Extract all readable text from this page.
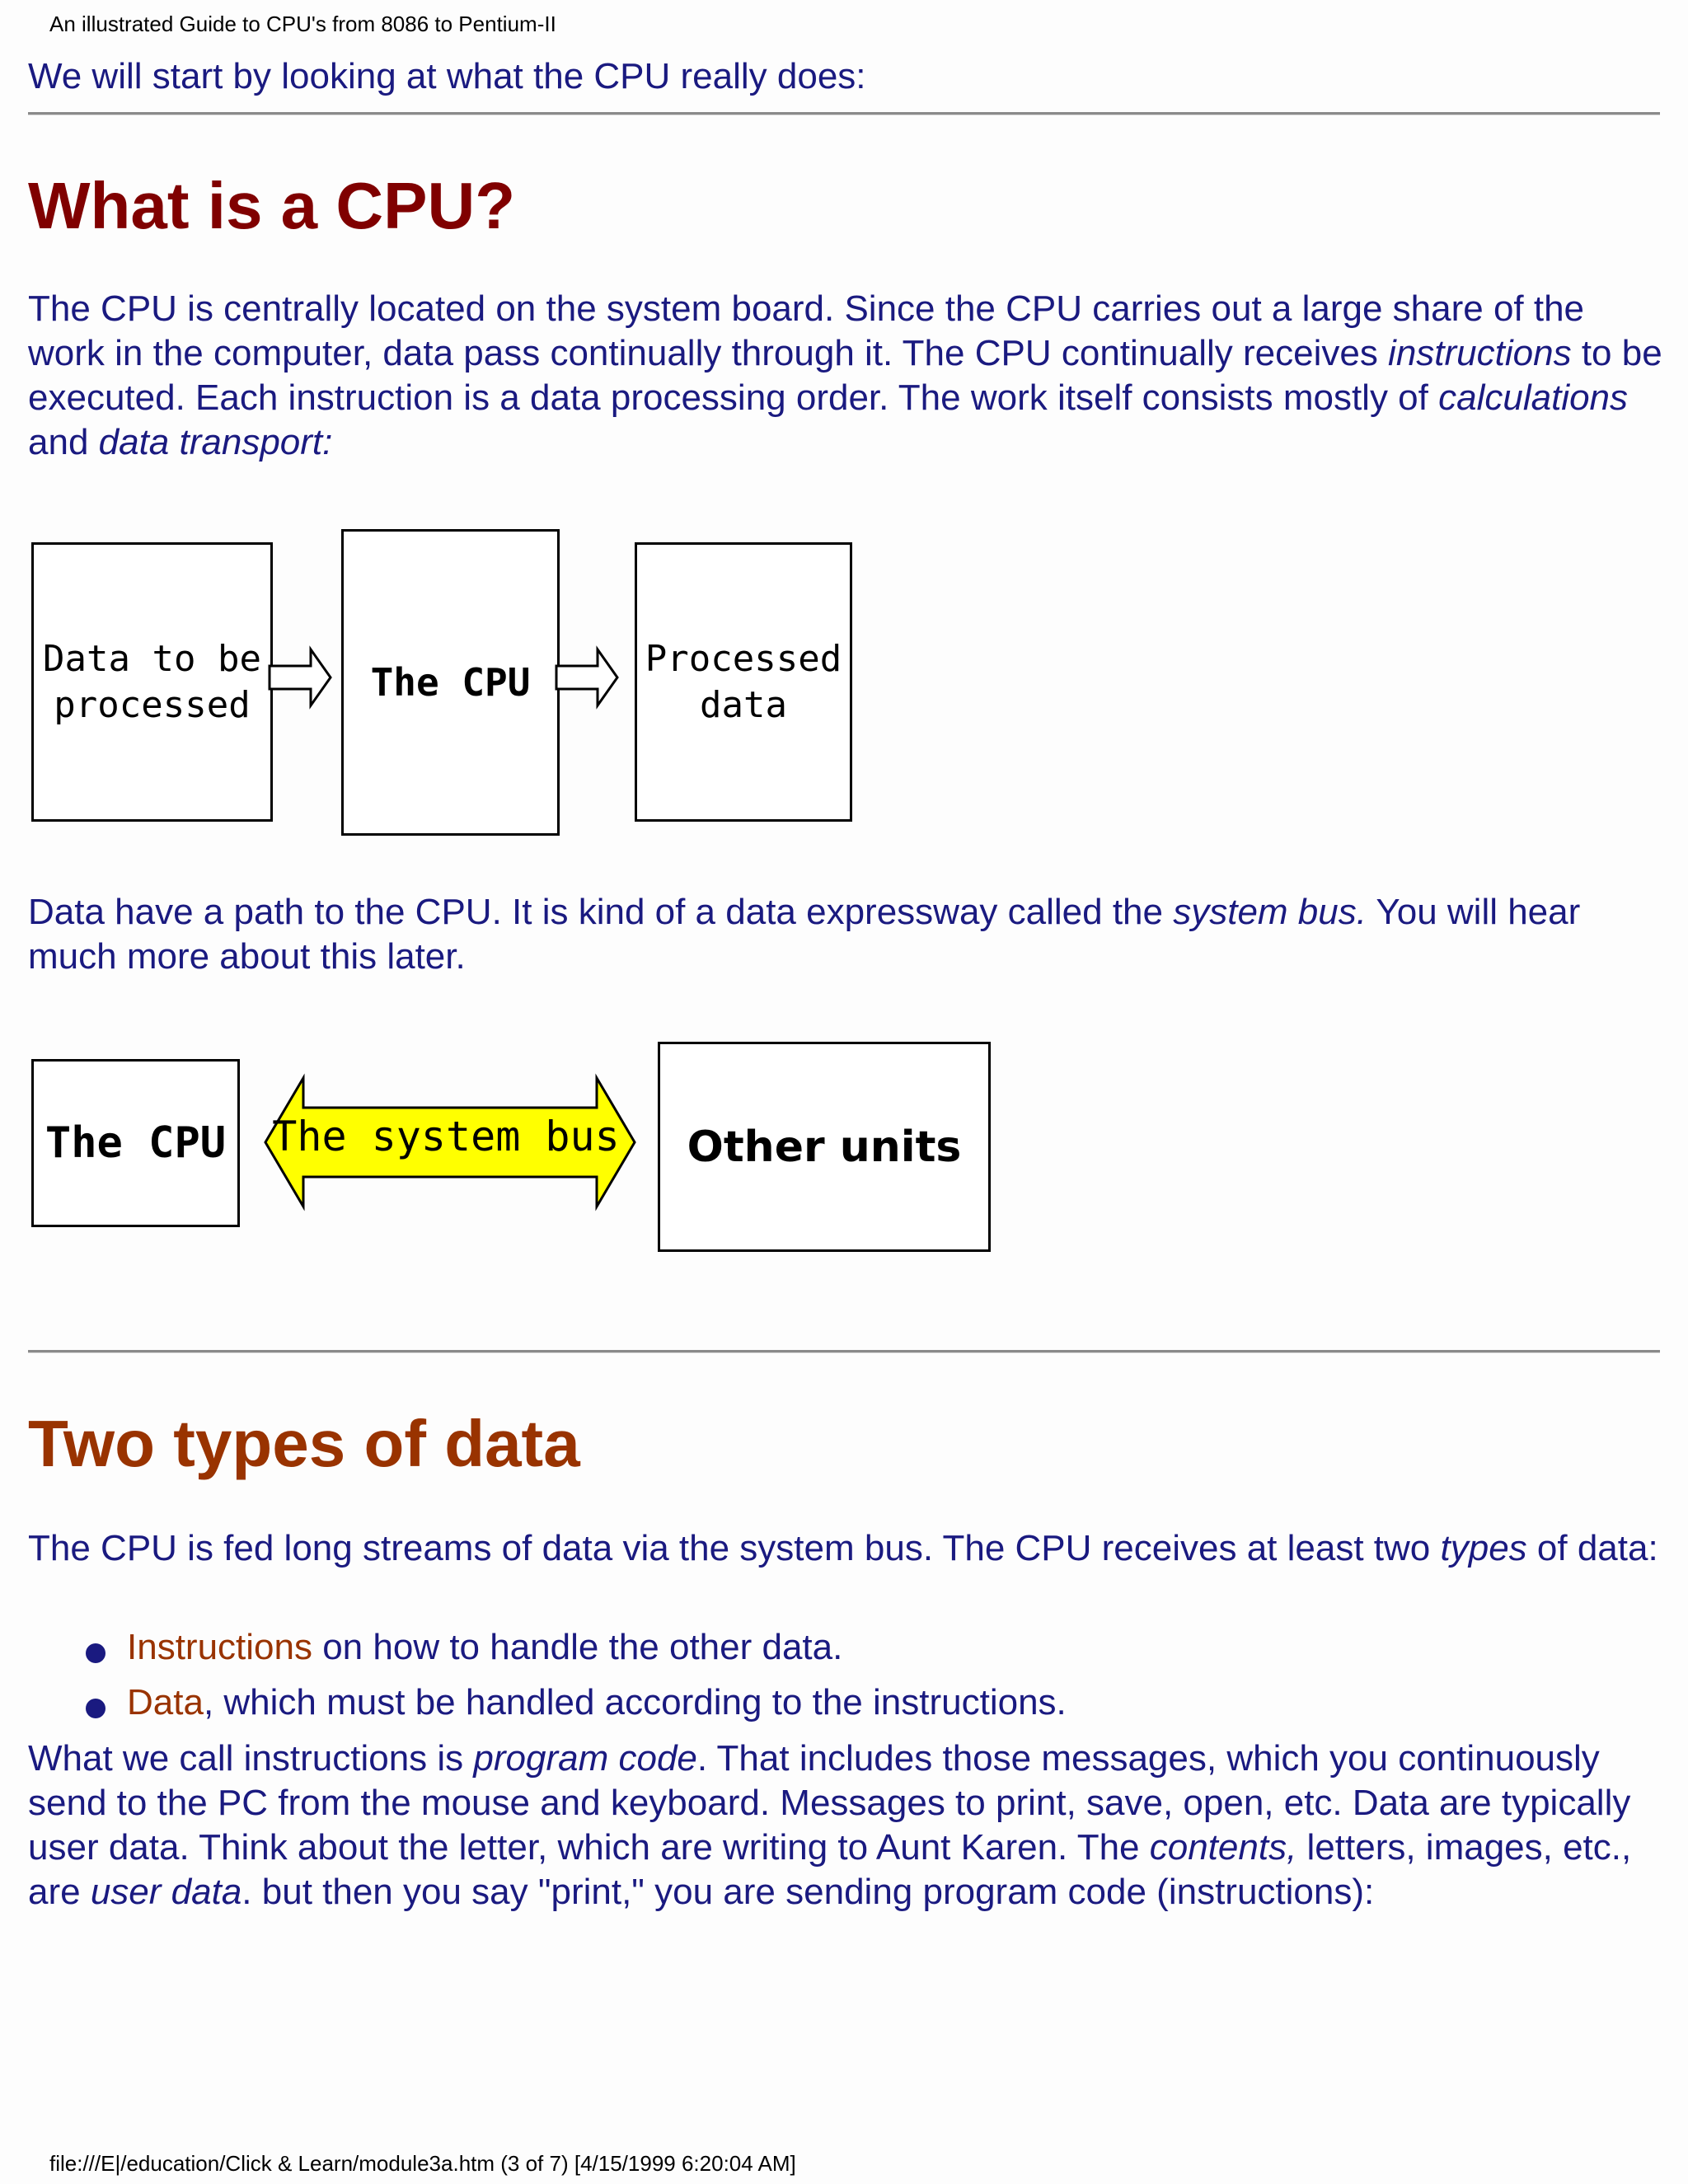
An illustrated Guide to CPU's from 8086 to Pentium-II
We will start by looking at what the CPU really does:
What is a CPU?
The CPU is centrally located on the system board. Since the CPU carries out a large share of the work in the computer, data pass continually through it. The CPU continually receives instructions to be executed. Each instruction is a data processing order. The work itself consists mostly of calculations and data transport:
Data to be
processed	The CPU
Processed
data
Data have a path to the CPU. It is kind of a data expressway called the system bus. You will hear much more about this later.
The CPU	The system bus	Other units
Two types of data
The CPU is fed long streams of data via the system bus. The CPU receives at least two types of data:
Instructions on how to handle the other data.
Data, which must be handled according to the instructions.
What we call instructions is program code. That includes those messages, which you continuously send to the PC from the mouse and keyboard. Messages to print, save, open, etc. Data are typically user data. Think about the letter, which are writing to Aunt Karen. The contents, letters, images, etc., are user data. but then you say "print," you are sending program code (instructions):
file:///E|/education/Click & Learn/module3a.htm (3 of 7) [4/15/1999 6:20:04 AM]
